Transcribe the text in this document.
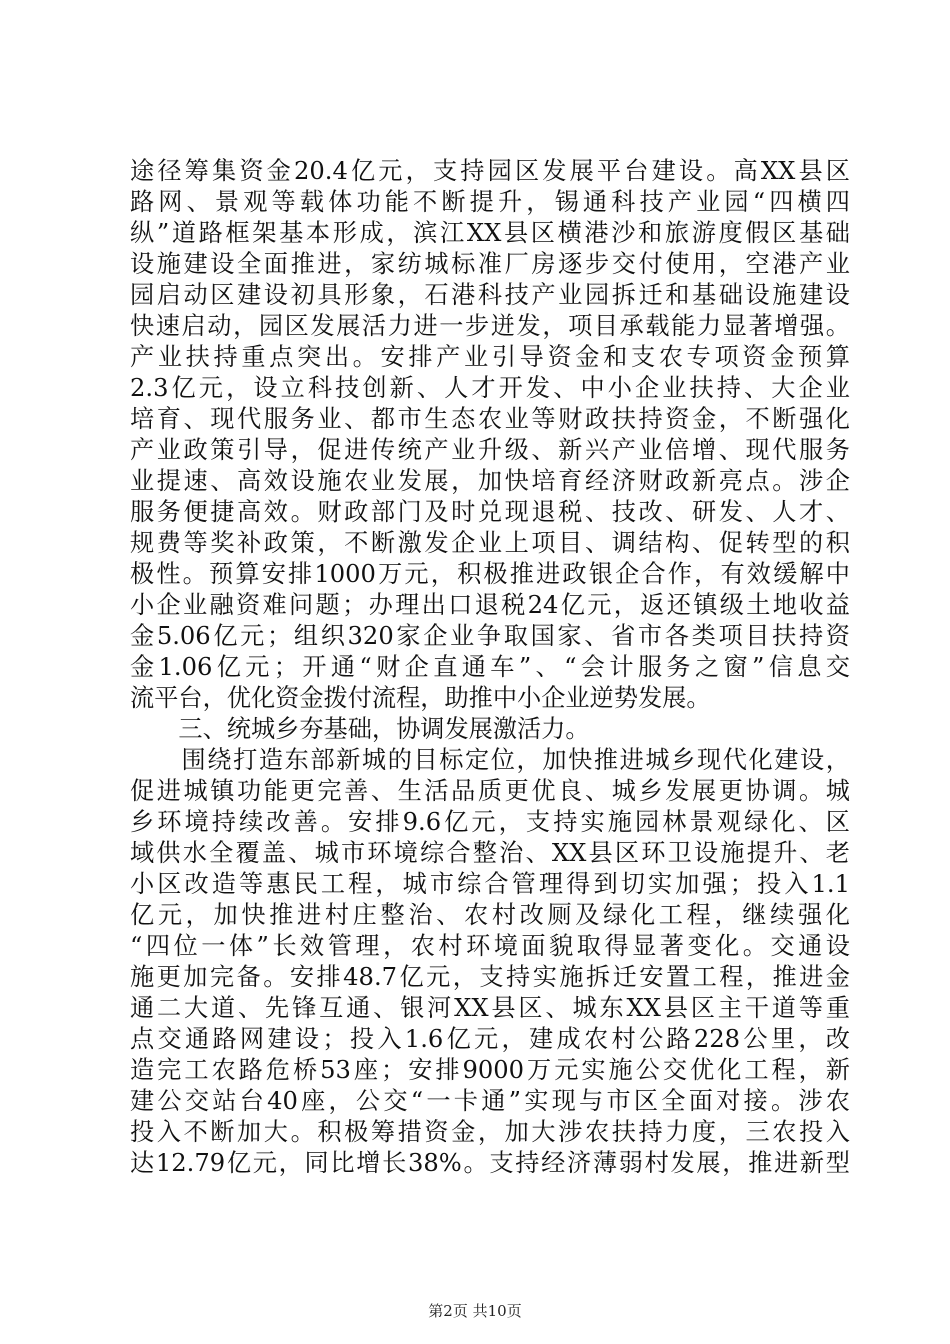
途径筹集资金20.4亿元，支持园区发展平台建设。高XX县区
路网、景观等载体功能不断提升，锡通科技产业园“四横四
纵”道路框架基本形成，滨江XX县区横港沙和旅游度假区基础
设施建设全面推进，家纺城标准厂房逐步交付使用，空港产业
园启动区建设初具形象，石港科技产业园拆迁和基础设施建设
快速启动，园区发展活力进一步迸发，项目承载能力显著增强。
产业扶持重点突出。安排产业引导资金和支农专项资金预算
2.3亿元，设立科技创新、人才开发、中小企业扶持、大企业
培育、现代服务业、都市生态农业等财政扶持资金，不断强化
产业政策引导，促进传统产业升级、新兴产业倍增、现代服务
业提速、高效设施农业发展，加快培育经济财政新亮点。涉企
服务便捷高效。财政部门及时兑现退税、技改、研发、人才、
规费等奖补政策，不断激发企业上项目、调结构、促转型的积
极性。预算安排1000万元，积极推进政银企合作，有效缓解中
小企业融资难问题；办理出口退税24亿元，返还镇级土地收益
金5.06亿元；组织320家企业争取国家、省市各类项目扶持资
金1.06亿元；开通“财企直通车”、“会计服务之窗”信息交
流平台，优化资金拨付流程，助推中小企业逆势发展。
　　三、统城乡夯基础，协调发展激活力。
　　围绕打造东部新城的目标定位，加快推进城乡现代化建设，
促进城镇功能更完善、生活品质更优良、城乡发展更协调。城
乡环境持续改善。安排9.6亿元，支持实施园林景观绿化、区
域供水全覆盖、城市环境综合整治、XX县区环卫设施提升、老
小区改造等惠民工程，城市综合管理得到切实加强；投入1.1
亿元，加快推进村庄整治、农村改厕及绿化工程，继续强化
“四位一体”长效管理，农村环境面貌取得显著变化。交通设
施更加完备。安排48.7亿元，支持实施拆迁安置工程，推进金
通二大道、先锋互通、银河XX县区、城东XX县区主干道等重
点交通路网建设；投入1.6亿元，建成农村公路228公里，改
造完工农路危桥53座；安排9000万元实施公交优化工程，新
建公交站台40座，公交“一卡通”实现与市区全面对接。涉农
投入不断加大。积极筹措资金，加大涉农扶持力度，三农投入
达12.79亿元，同比增长38%。支持经济薄弱村发展，推进新型
第2页 共10页
